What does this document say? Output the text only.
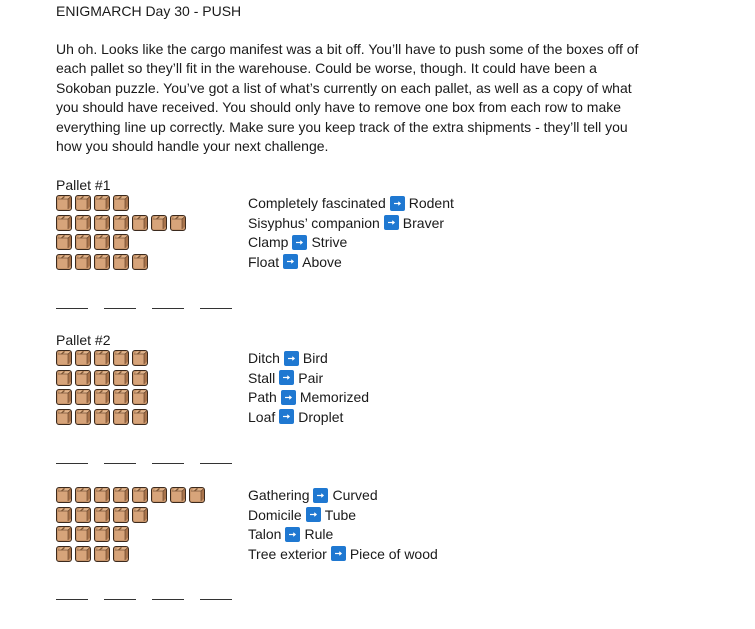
ENIGMARCH Day 30 - PUSH

Uh oh. Looks like the cargo manifest was a bit off. You’ll have to push some of the boxes off of

each pallet so they’ll fit in the warehouse. Could be worse, though. It could have been a

Sokoban puzzle. You’ve got a list of what’s currently on each pallet, as well as a copy of what

you should have received. You should only have to remove one box from each row to make

everything line up correctly. Make sure you keep track of the extra shipments - they’ll tell you

how you should handle your next challenge.

Pallet #1
Completely fascinated Rodent
Sisyphus’ companion Braver
Clamp Strive
Float Above
Pallet #2
Ditch Bird
Stall Pair
Path Memorized
Loaf Droplet
Gathering Curved
Domicile Tube
Talon Rule
Tree exterior Piece of wood
